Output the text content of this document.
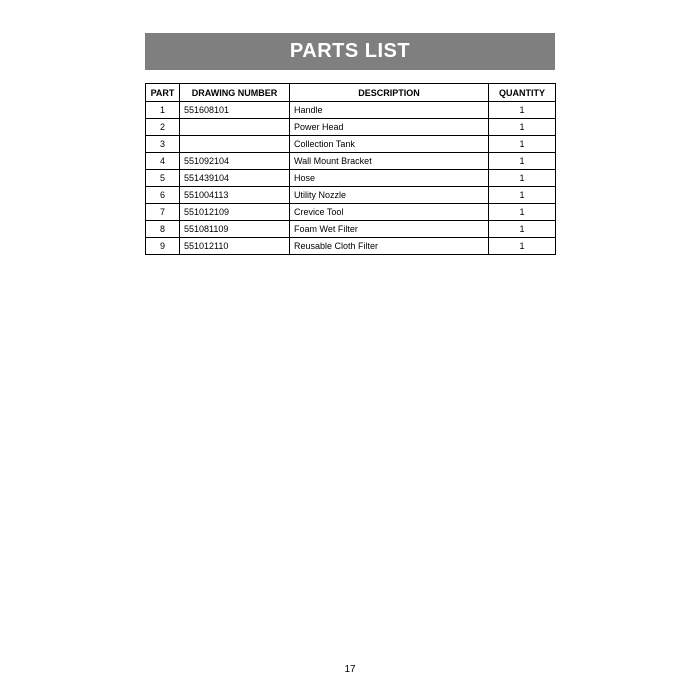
PARTS LIST
PART	DRAWING NUMBER	DESCRIPTION	QUANTITY
1	551608101	Handle	1
2		Power Head	1
3		Collection Tank	1
4	551092104	Wall Mount Bracket	1
5	551439104	Hose	1
6	551004113	Utility Nozzle	1
7	551012109	Crevice Tool	1
8	551081109	Foam Wet Filter	1
9	551012110	Reusable Cloth Filter	1
17
